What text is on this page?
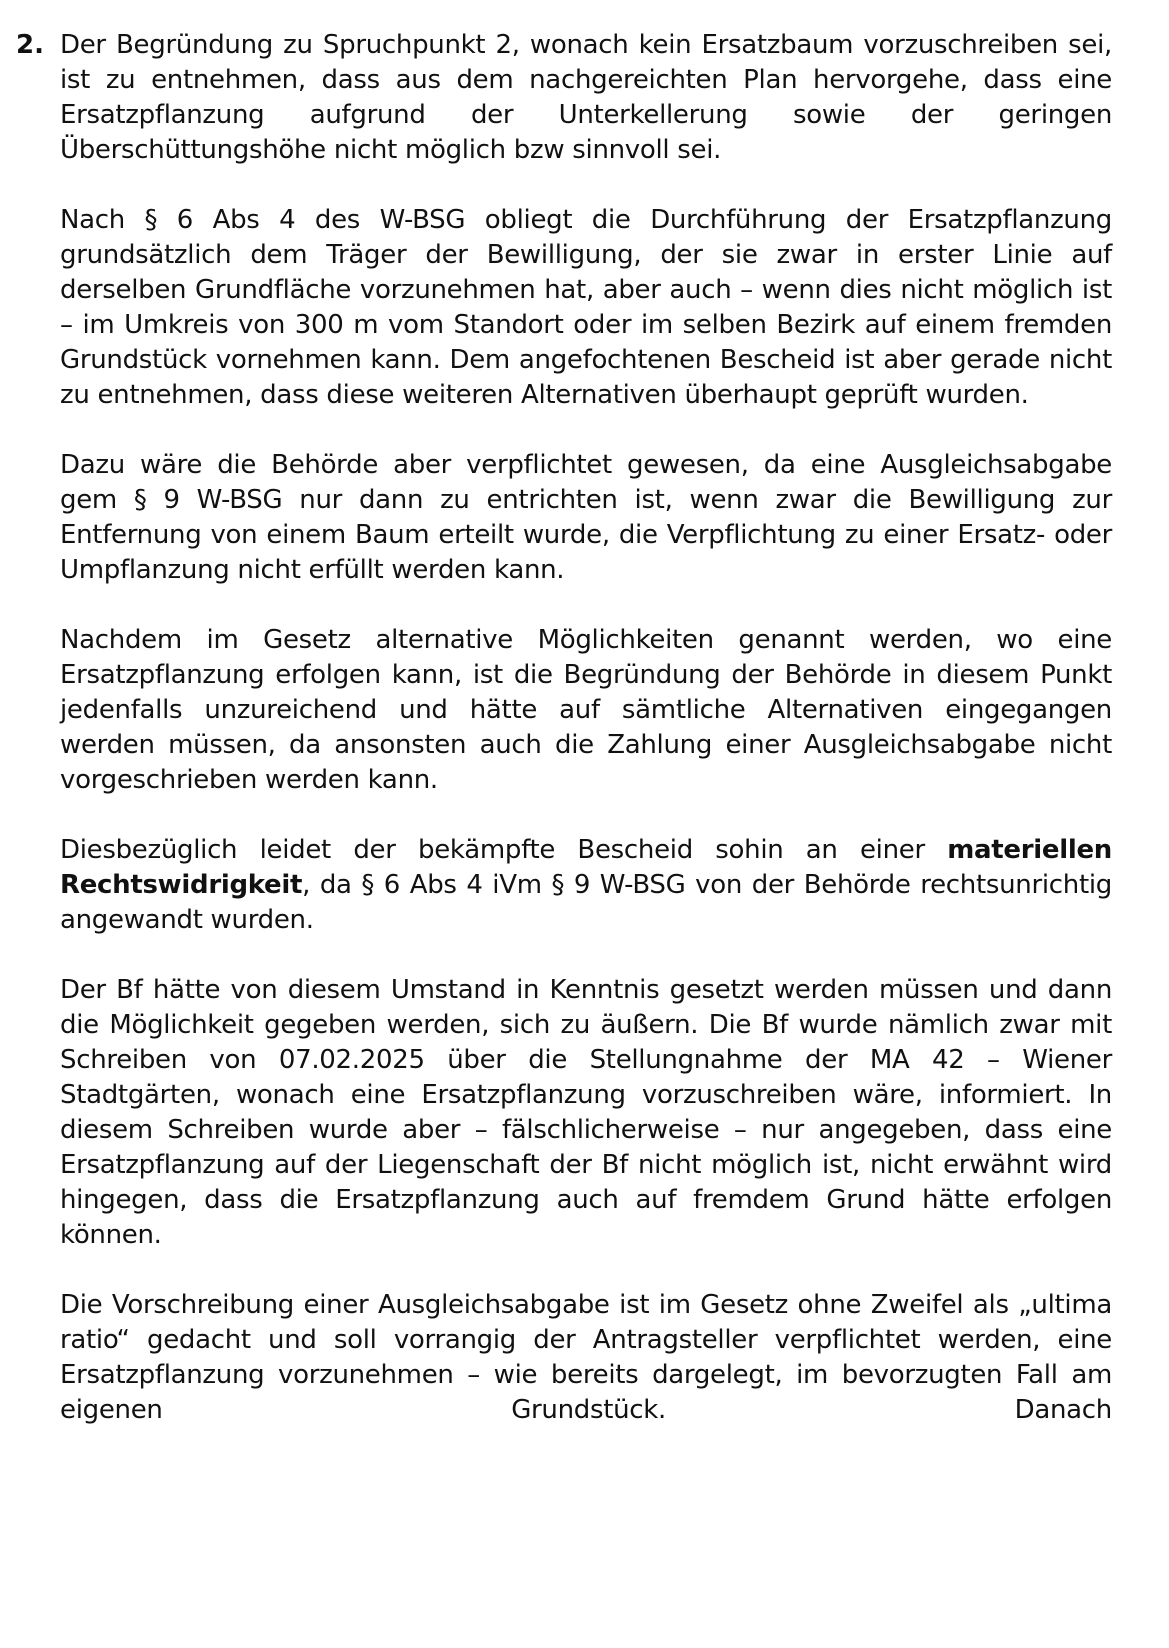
2. Der Begründung zu Spruchpunkt 2, wonach kein Ersatzbaum vorzuschreiben sei, ist zu entnehmen, dass aus dem nachgereichten Plan hervorgehe, dass eine Ersatzpflanzung aufgrund der Unterkellerung sowie der geringen Überschüttungshöhe nicht möglich bzw sinnvoll sei.

Nach § 6 Abs 4 des W-BSG obliegt die Durchführung der Ersatzpflanzung grundsätzlich dem Träger der Bewilligung, der sie zwar in erster Linie auf derselben Grundfläche vorzunehmen hat, aber auch – wenn dies nicht möglich ist – im Umkreis von 300 m vom Standort oder im selben Bezirk auf einem fremden Grundstück vornehmen kann. Dem angefochtenen Bescheid ist aber gerade nicht zu entnehmen, dass diese weiteren Alternativen überhaupt geprüft wurden.

Dazu wäre die Behörde aber verpflichtet gewesen, da eine Ausgleichsabgabe gem § 9 W-BSG nur dann zu entrichten ist, wenn zwar die Bewilligung zur Entfernung von einem Baum erteilt wurde, die Verpflichtung zu einer Ersatz- oder Umpflanzung nicht erfüllt werden kann.

Nachdem im Gesetz alternative Möglichkeiten genannt werden, wo eine Ersatzpflanzung erfolgen kann, ist die Begründung der Behörde in diesem Punkt jedenfalls unzureichend und hätte auf sämtliche Alternativen eingegangen werden müssen, da ansonsten auch die Zahlung einer Ausgleichsabgabe nicht vorgeschrieben werden kann.

Diesbezüglich leidet der bekämpfte Bescheid sohin an einer materiellen Rechtswidrigkeit, da § 6 Abs 4 iVm § 9 W-BSG von der Behörde rechtsunrichtig angewandt wurden.

Der Bf hätte von diesem Umstand in Kenntnis gesetzt werden müssen und dann die Möglichkeit gegeben werden, sich zu äußern. Die Bf wurde nämlich zwar mit Schreiben von 07.02.2025 über die Stellungnahme der MA 42 – Wiener Stadtgärten, wonach eine Ersatzpflanzung vorzuschreiben wäre, informiert. In diesem Schreiben wurde aber – fälschlicherweise – nur angegeben, dass eine Ersatzpflanzung auf der Liegenschaft der Bf nicht möglich ist, nicht erwähnt wird hingegen, dass die Ersatzpflanzung auch auf fremdem Grund hätte erfolgen können.

Die Vorschreibung einer Ausgleichsabgabe ist im Gesetz ohne Zweifel als „ultima ratio“ gedacht und soll vorrangig der Antragsteller verpflichtet werden, eine Ersatzpflanzung vorzunehmen – wie bereits dargelegt, im bevorzugten Fall am eigenen Grundstück. Danach
